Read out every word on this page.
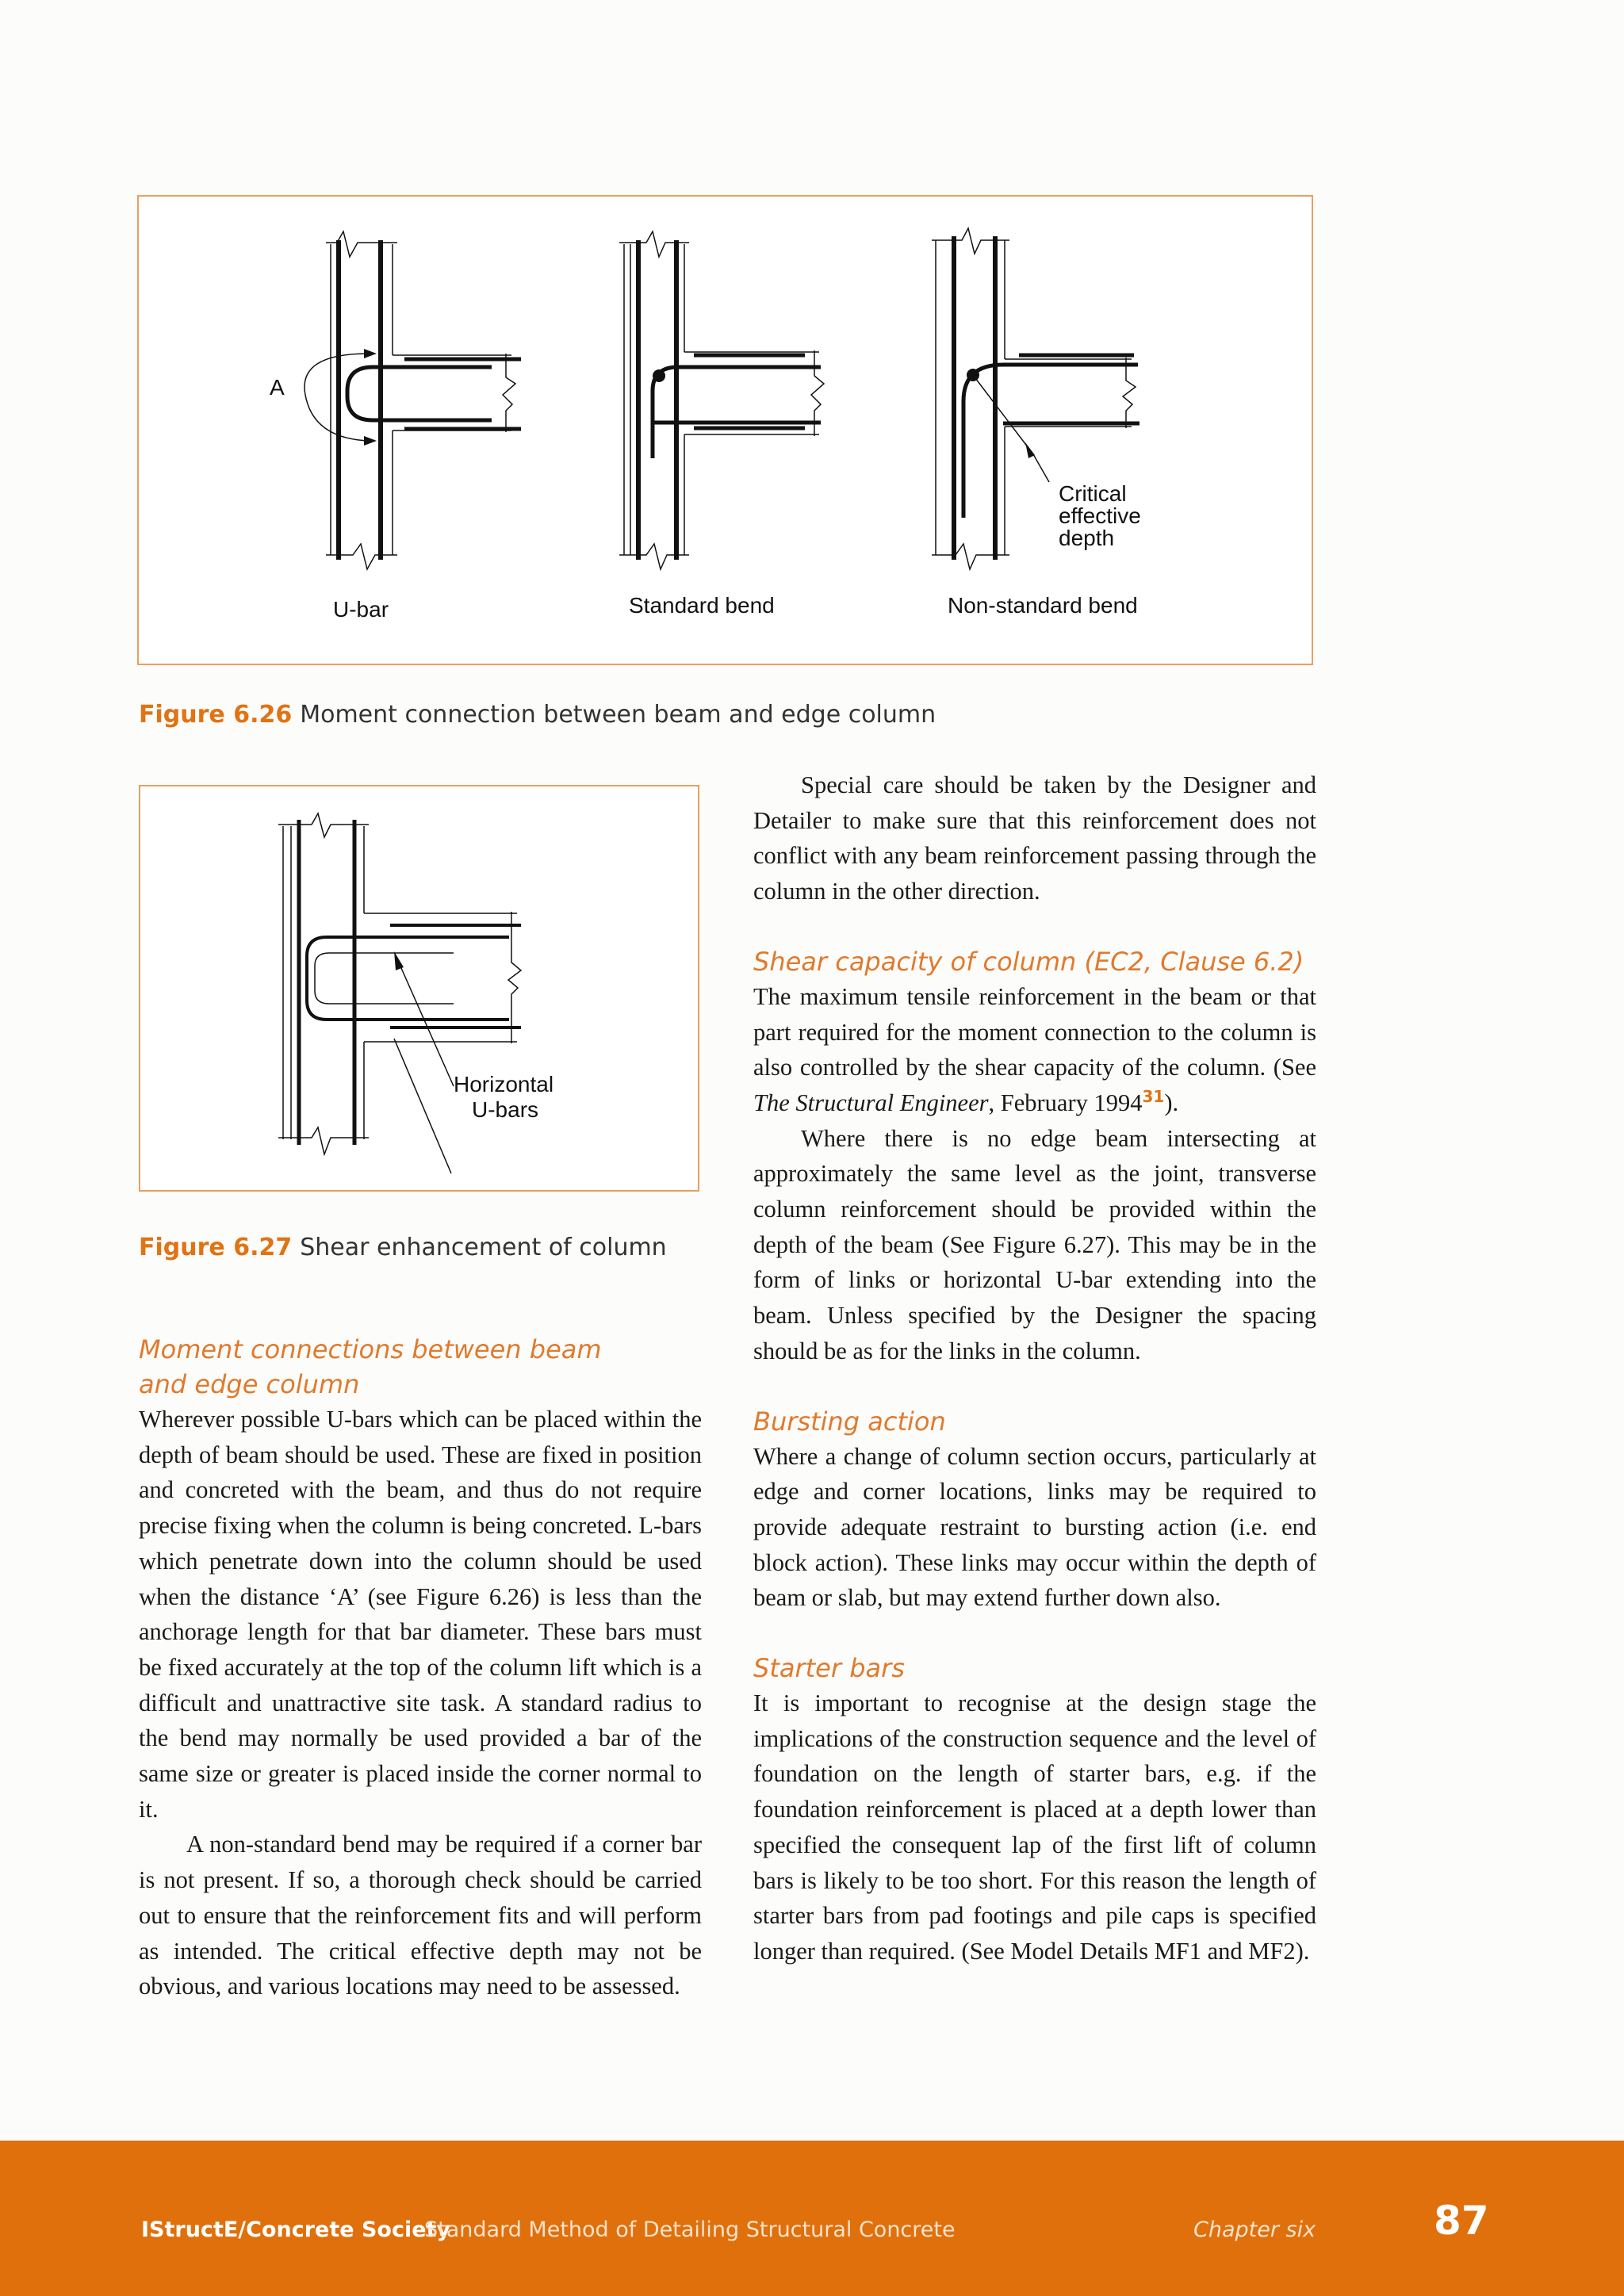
A
U-bar	Standard bend	Non-standard bend
Critical
effective
depth
Figure 6.26 Moment connection between beam and edge column
Horizontal
U-bars
Figure 6.27 Shear enhancement of column
Moment connections between beam
and edge column

Wherever possible U-bars which can be placed within the depth of beam should be used. These are fixed in position and concreted with the beam, and thus do not require precise fixing when the column is being concreted. L-bars which penetrate down into the column should be used when the distance ‘A’ (see Figure 6.26) is less than the anchorage length for that bar diameter. These bars must be fixed accurately at the top of the column lift which is a difficult and unattractive site task. A standard radius to the bend may normally be used provided a bar of the same size or greater is placed inside the corner normal to it.

A non-standard bend may be required if a corner bar is not present. If so, a thorough check should be carried out to ensure that the reinforcement fits and will perform as intended. The critical effective depth may not be obvious, and various locations may need to be assessed.

Special care should be taken by the Designer and Detailer to make sure that this reinforcement does not conflict with any beam reinforcement passing through the column in the other direction.

Shear capacity of column (EC2, Clause 6.2)

The maximum tensile reinforcement in the beam or that part required for the moment connection to the column is also controlled by the shear capacity of the column. (See The Structural Engineer, February 1994$^{31}$).

Where there is no edge beam intersecting at approximately the same level as the joint, transverse column reinforcement should be provided within the depth of the beam (See Figure 6.27). This may be in the form of links or horizontal U-bar extending into the beam. Unless specified by the Designer the spacing should be as for the links in the column.

Bursting action

Where a change of column section occurs, particularly at edge and corner locations, links may be required to provide adequate restraint to bursting action (i.e. end block action). These links may occur within the depth of beam or slab, but may extend further down also.

Starter bars

It is important to recognise at the design stage the implications of the construction sequence and the level of foundation on the length of starter bars, e.g. if the foundation reinforcement is placed at a depth lower than specified the consequent lap of the first lift of column bars is likely to be too short. For this reason the length of starter bars from pad footings and pile caps is specified longer than required. (See Model Details MF1 and MF2).

IStructE/Concrete Society
Standard Method of Detailing Structural Concrete	Chapter six	87
